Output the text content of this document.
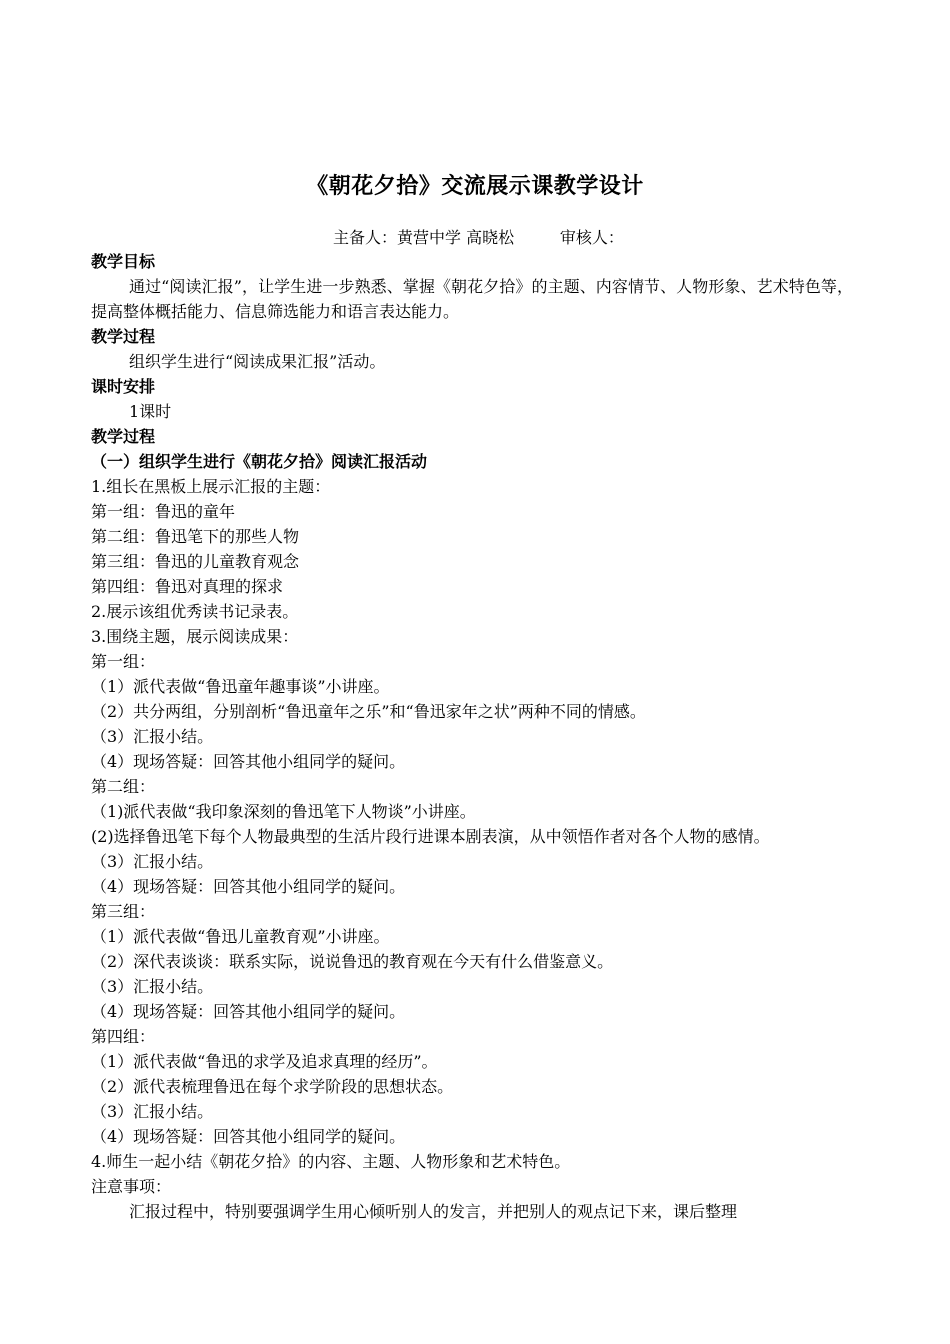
《朝花夕拾》交流展示课教学设计
主备人：黄营中学 高晓松	审核人：

教学目标

通过“阅读汇报”，让学生进一步熟悉、掌握《朝花夕拾》的主题、内容情节、人物形象、艺术特色等，提高整体概括能力、信息筛选能力和语言表达能力。

教学过程

组织学生进行“阅读成果汇报”活动。

课时安排

1课时

教学过程

（一）组织学生进行《朝花夕拾》阅读汇报活动

1.组长在黑板上展示汇报的主题：

第一组：鲁迅的童年

第二组：鲁迅笔下的那些人物

第三组：鲁迅的儿童教育观念

第四组：鲁迅对真理的探求

2.展示该组优秀读书记录表。

3.围绕主题，展示阅读成果：

第一组：

（1）派代表做“鲁迅童年趣事谈”小讲座。

（2）共分两组，分别剖析“鲁迅童年之乐”和“鲁迅家年之状”两种不同的情感。

（3）汇报小结。

（4）现场答疑：回答其他小组同学的疑问。

第二组：

（1)派代表做“我印象深刻的鲁迅笔下人物谈”小讲座。

(2)选择鲁迅笔下每个人物最典型的生活片段行进课本剧表演，从中领悟作者对各个人物的感情。

（3）汇报小结。

（4）现场答疑：回答其他小组同学的疑问。

第三组：

（1）派代表做“鲁迅儿童教育观”小讲座。

（2）深代表谈谈：联系实际，说说鲁迅的教育观在今天有什么借鉴意义。

（3）汇报小结。

（4）现场答疑：回答其他小组同学的疑问。

第四组：

（1）派代表做“鲁迅的求学及追求真理的经历”。

（2）派代表梳理鲁迅在每个求学阶段的思想状态。

（3）汇报小结。

（4）现场答疑：回答其他小组同学的疑问。

4.师生一起小结《朝花夕拾》的内容、主题、人物形象和艺术特色。

注意事项：

汇报过程中，特别要强调学生用心倾听别人的发言，并把别人的观点记下来，课后整理
